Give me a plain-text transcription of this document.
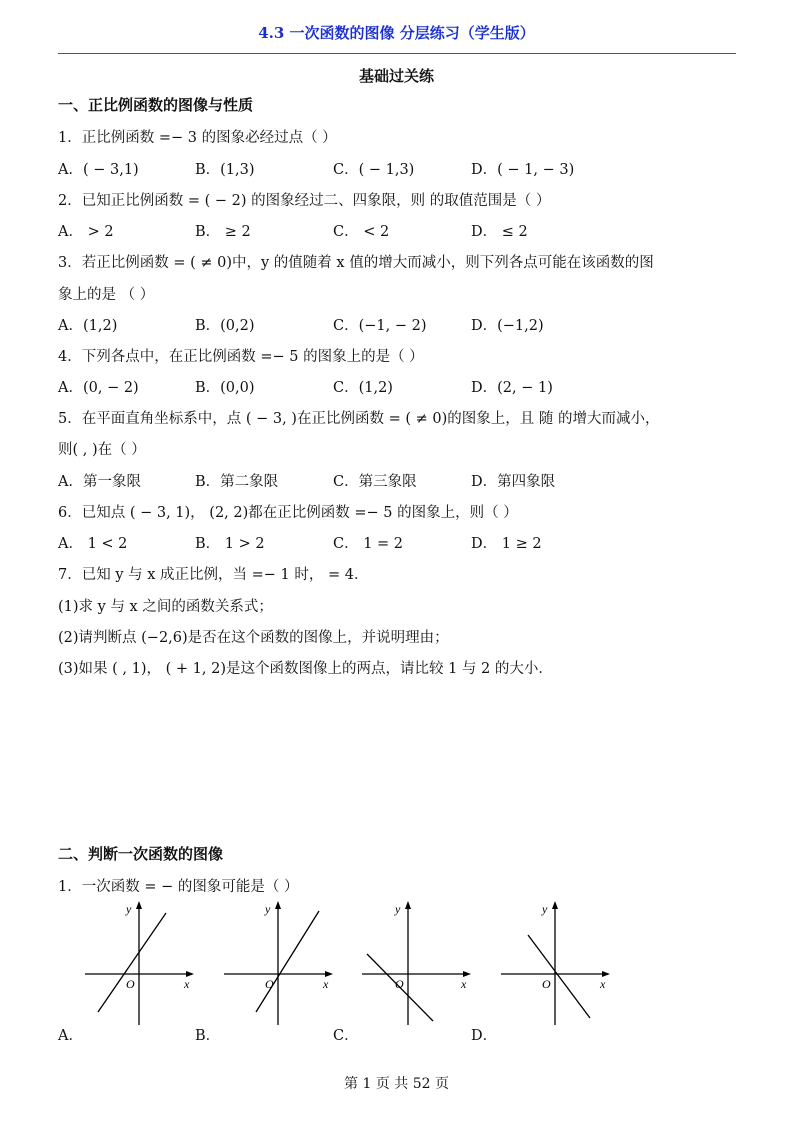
4.3 一次函数的图像 分层练习（学生版）
基础过关练
一、正比例函数的图像与性质
1．正比例函数 =− 3 的图象必经过点（ ）
A．( − 3,1)	B．(1,3)	C．( − 1,3)	D．( − 1, − 3)
2．已知正比例函数 = ( − 2) 的图象经过二、四象限，则 的取值范围是（ ）
A． > 2	B． ≥ 2	C． < 2	D． ≤ 2
3．若正比例函数 = ( ≠ 0)中，y 的值随着 x 值的增大而减小，则下列各点可能在该函数的图
象上的是 （ ）
A．(1,2)	B．(0,2)	C．(−1, − 2)	D．(−1,2)
4．下列各点中，在正比例函数 =− 5 的图象上的是（ ）
A．(0, − 2)	B．(0,0)	C．(1,2)	D．(2, − 1)
5．在平面直角坐标系中，点 ( − 3, )在正比例函数 = ( ≠ 0)的图象上，且 随 的增大而减小，
则( , )在（ ）
A．第一象限	B．第二象限	C．第三象限	D．第四象限
6．已知点 ( − 3, 1)， (2, 2)都在正比例函数 =− 5 的图象上，则（ ）
A． 1 < 2	B． 1 > 2	C． 1 = 2	D． 1 ≥ 2
7．已知 y 与 x 成正比例，当 =− 1 时， = 4．
(1)求 y 与 x 之间的函数关系式；
(2)请判断点 (−2,6)是否在这个函数的图像上，并说明理由；
(3)如果 ( , 1)， ( + 1, 2)是这个函数图像上的两点，请比较 1 与 2 的大小．
二、判断一次函数的图像
1．一次函数 = − 的图象可能是（ ）
y
x
O
y
x
O
y
x
O
y
x
O
A．	B．	C．	D．
第 1 页 共 52 页
